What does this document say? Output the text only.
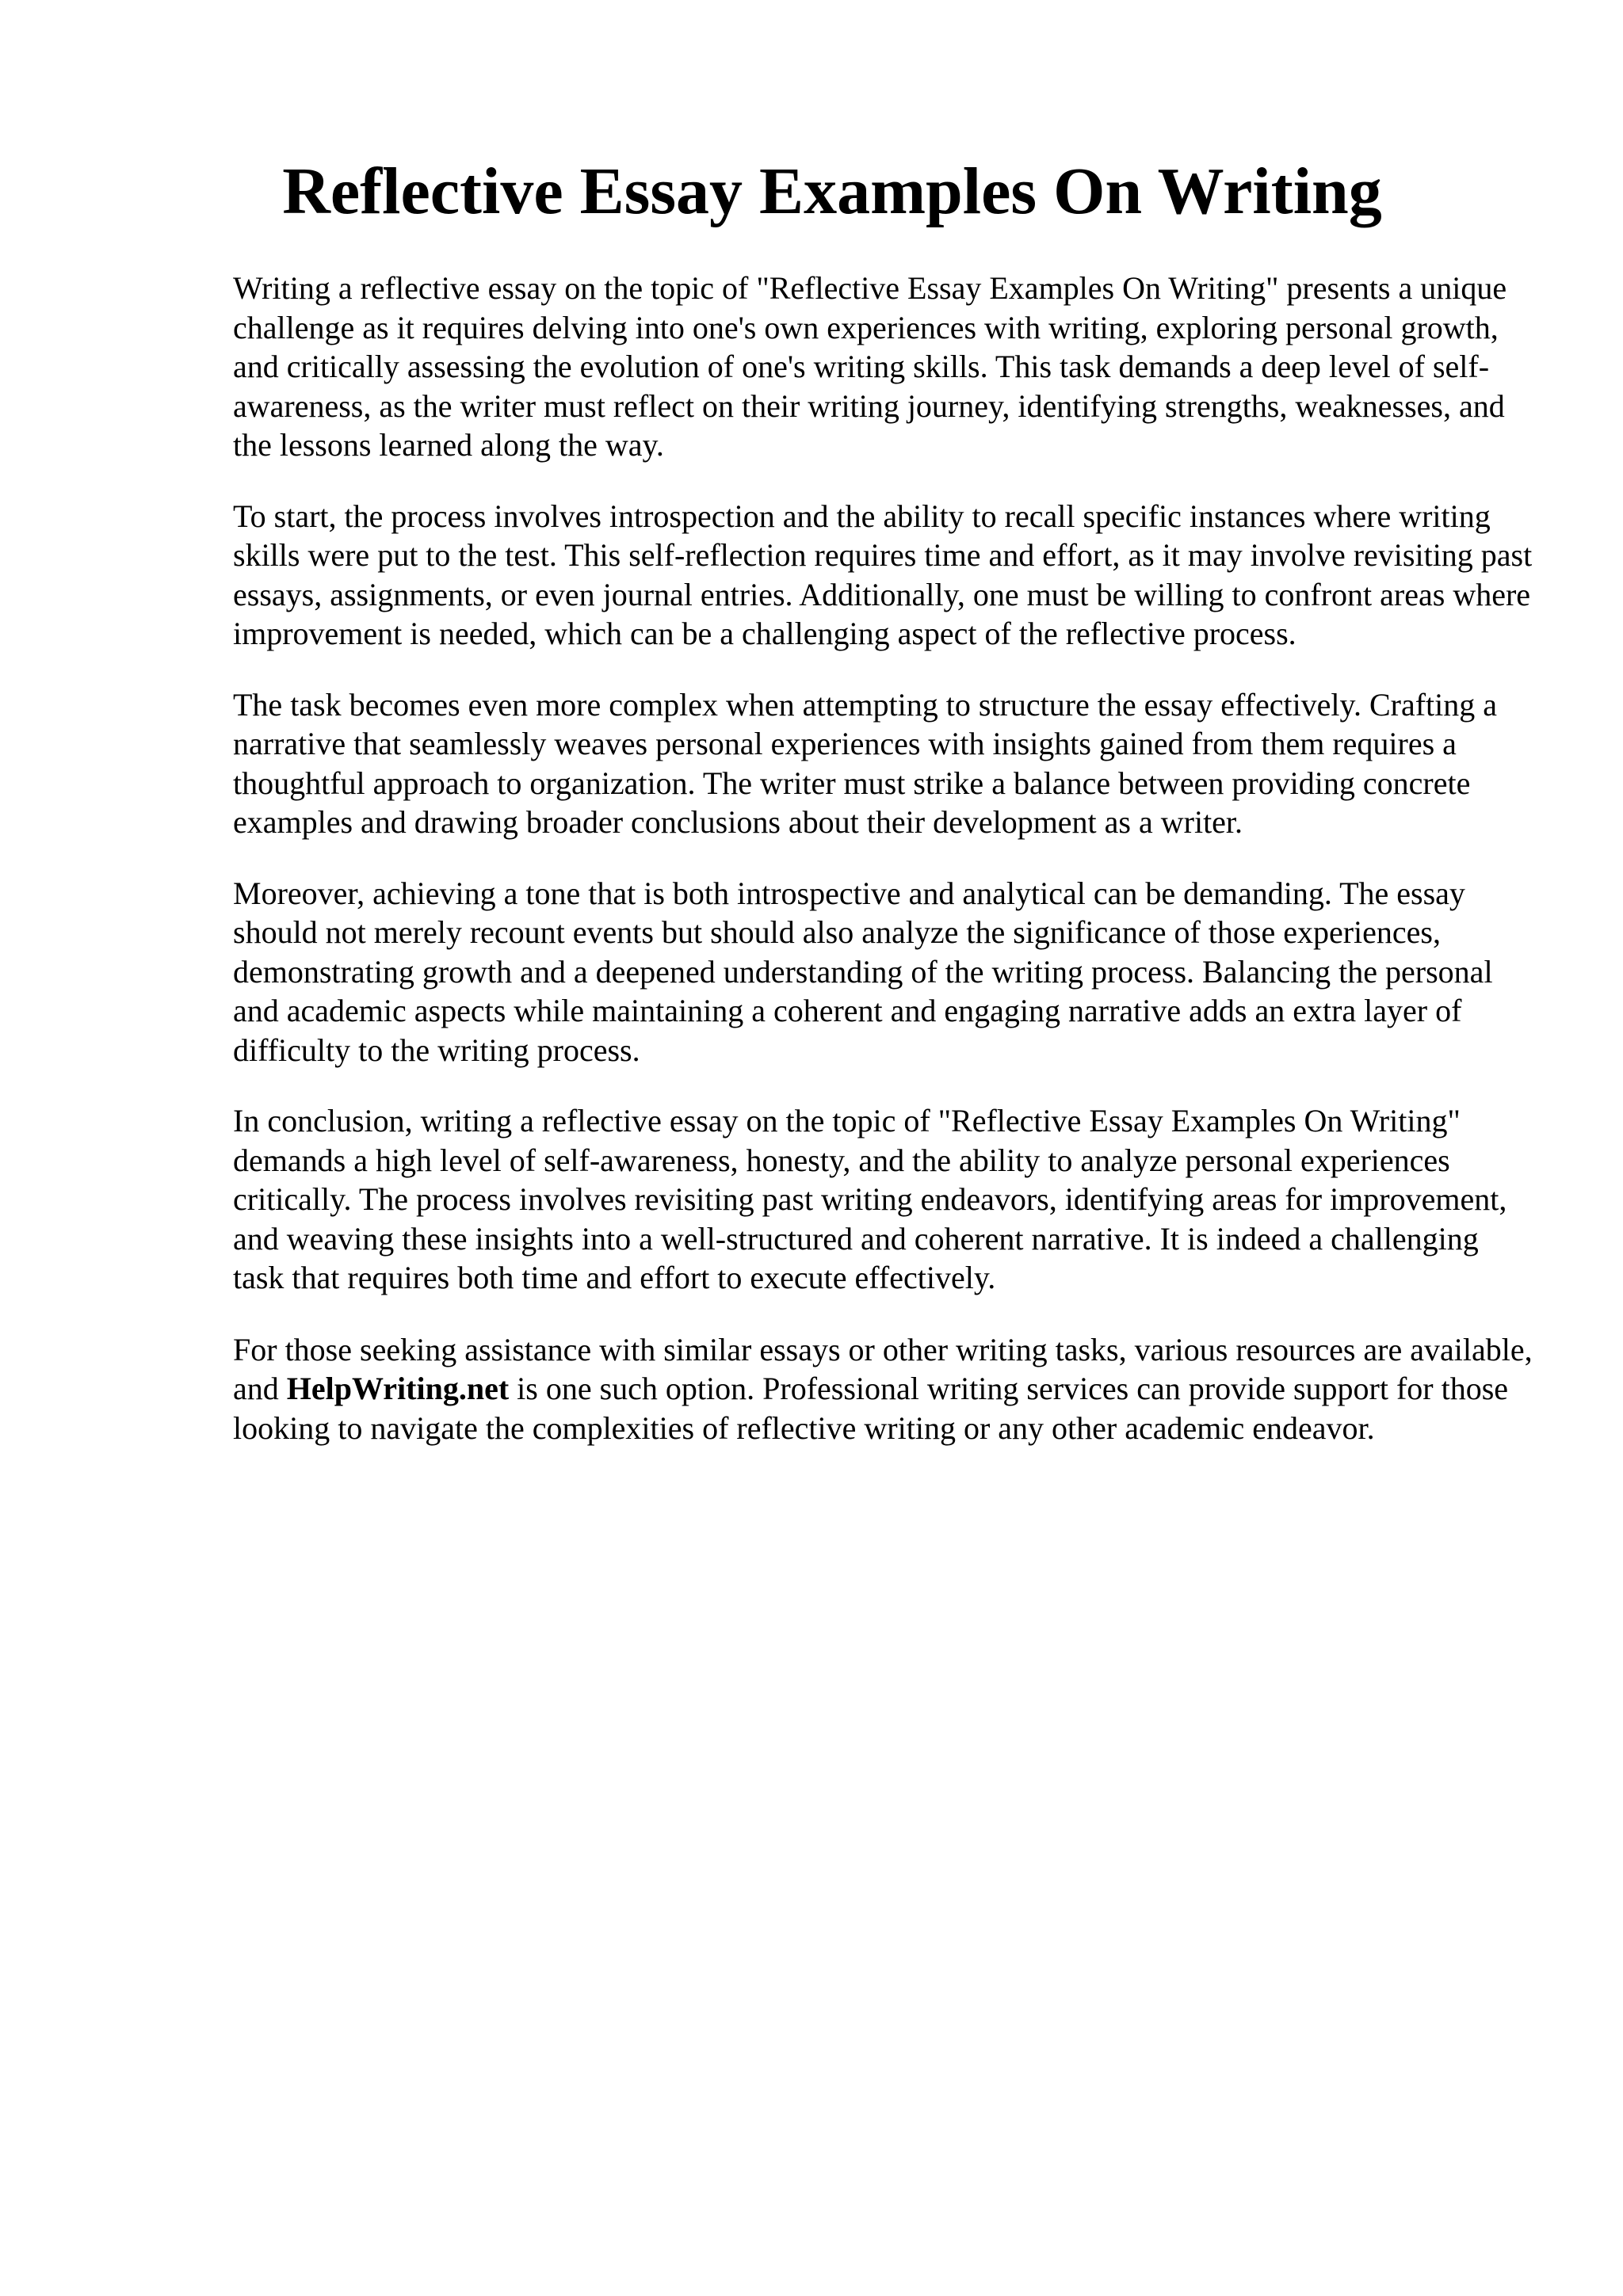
Reflective Essay Examples On Writing

Writing a reflective essay on the topic of "Reflective Essay Examples On Writing" presents a unique challenge as it requires delving into one's own experiences with writing, exploring personal growth, and critically assessing the evolution of one's writing skills. This task demands a deep level of self-awareness, as the writer must reflect on their writing journey, identifying strengths, weaknesses, and the lessons learned along the way.

To start, the process involves introspection and the ability to recall specific instances where writing skills were put to the test. This self-reflection requires time and effort, as it may involve revisiting past essays, assignments, or even journal entries. Additionally, one must be willing to confront areas where improvement is needed, which can be a challenging aspect of the reflective process.

The task becomes even more complex when attempting to structure the essay effectively. Crafting a narrative that seamlessly weaves personal experiences with insights gained from them requires a thoughtful approach to organization. The writer must strike a balance between providing concrete examples and drawing broader conclusions about their development as a writer.

Moreover, achieving a tone that is both introspective and analytical can be demanding. The essay should not merely recount events but should also analyze the significance of those experiences, demonstrating growth and a deepened understanding of the writing process. Balancing the personal and academic aspects while maintaining a coherent and engaging narrative adds an extra layer of difficulty to the writing process.

In conclusion, writing a reflective essay on the topic of "Reflective Essay Examples On Writing" demands a high level of self-awareness, honesty, and the ability to analyze personal experiences critically. The process involves revisiting past writing endeavors, identifying areas for improvement, and weaving these insights into a well-structured and coherent narrative. It is indeed a challenging task that requires both time and effort to execute effectively.

For those seeking assistance with similar essays or other writing tasks, various resources are available, and HelpWriting.net is one such option. Professional writing services can provide support for those looking to navigate the complexities of reflective writing or any other academic endeavor.
